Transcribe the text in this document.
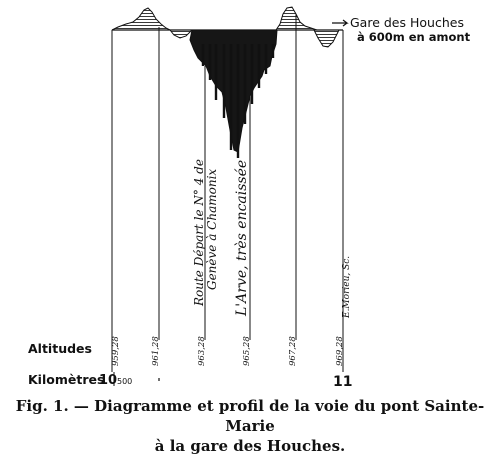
Gare des Houches
à 600m en amont
Route Départ le N° 4 de Genève à Chamonix L'Arve, très encaissée	E.Morieu, Sc.
959,28	961,28	963,28	965,28	967,28	969,28
Altitudes
Kilomètres
10 500	11
Fig. 1. — Diagramme et profil de la voie du pont Sainte-Marie
à la gare des Houches.
